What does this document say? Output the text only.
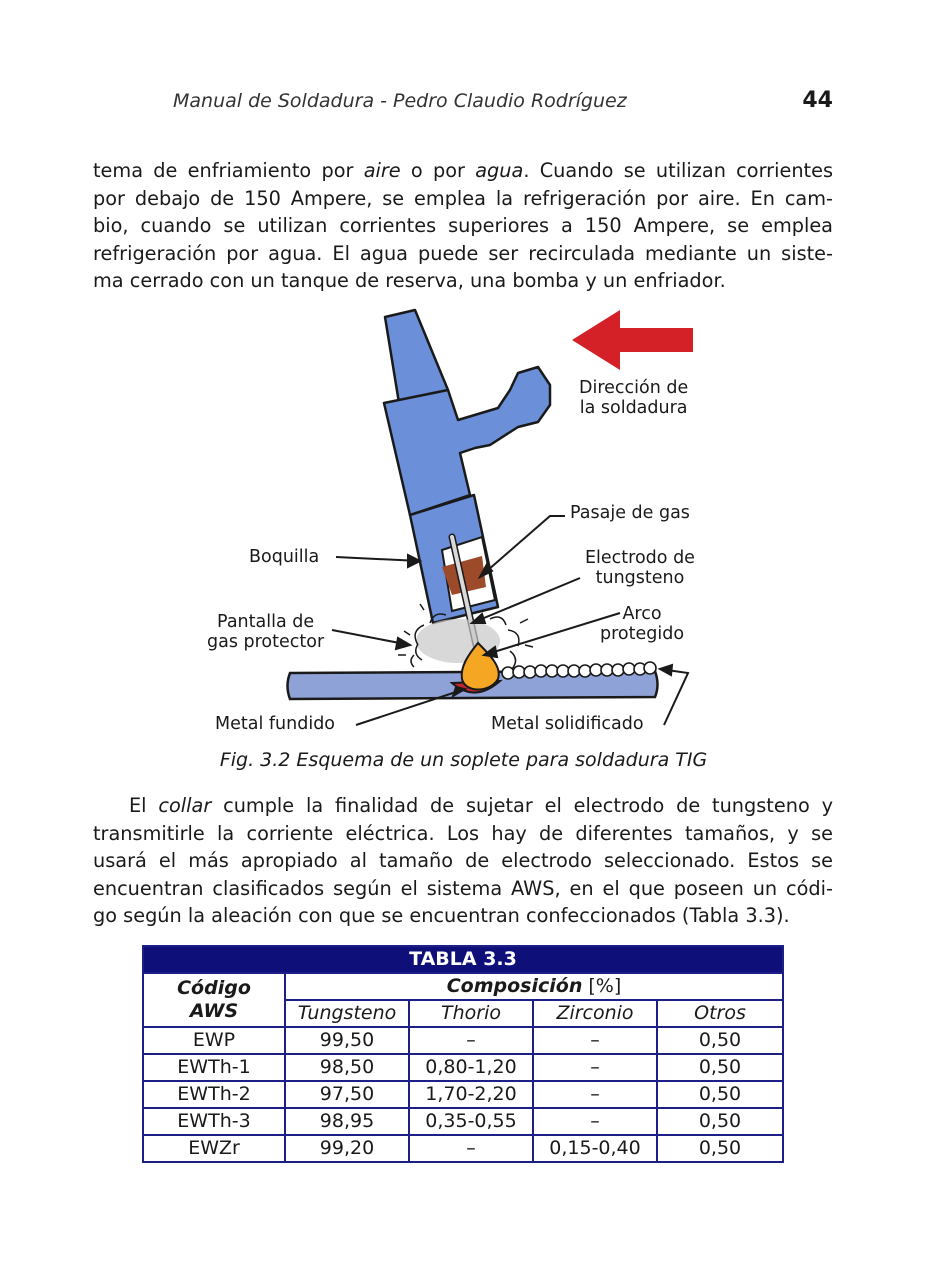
Manual de Soldadura - Pedro Claudio Rodríguez	44
tema de enfriamiento por aire o por agua. Cuando se utilizan corrientes
por debajo de 150 Ampere, se emplea la refrigeración por aire. En cam-
bio, cuando se utilizan corrientes superiores a 150 Ampere, se emplea
refrigeración por agua. El agua puede ser recirculada mediante un siste-
ma cerrado con un tanque de reserva, una bomba y un enfriador.
Dirección de
la soldadura
Pasaje de gas
Boquilla	Electrodo de
tungsteno
Pantalla de
gas protector
Arco
protegido
Metal fundido	Metal solidificado
Fig. 3.2 Esquema de un soplete para soldadura TIG
El collar cumple la finalidad de sujetar el electrodo de tungsteno y
transmitirle la corriente eléctrica. Los hay de diferentes tamaños, y se
usará el más apropiado al tamaño de electrodo seleccionado. Estos se
encuentran clasificados según el sistema AWS, en el que poseen un códi-
go según la aleación con que se encuentran confeccionados (Tabla 3.3).
TABLA 3.3				

Código
AWS	Composición [%]			
	Tungsteno	Thorio	Zirconio	Otros
EWP	99,50	–	–	0,50
EWTh-1	98,50	0,80-1,20	–	0,50
EWTh-2	97,50	1,70-2,20	–	0,50
EWTh-3	98,95	0,35-0,55	–	0,50
EWZr	99,20	–	0,15-0,40	0,50
